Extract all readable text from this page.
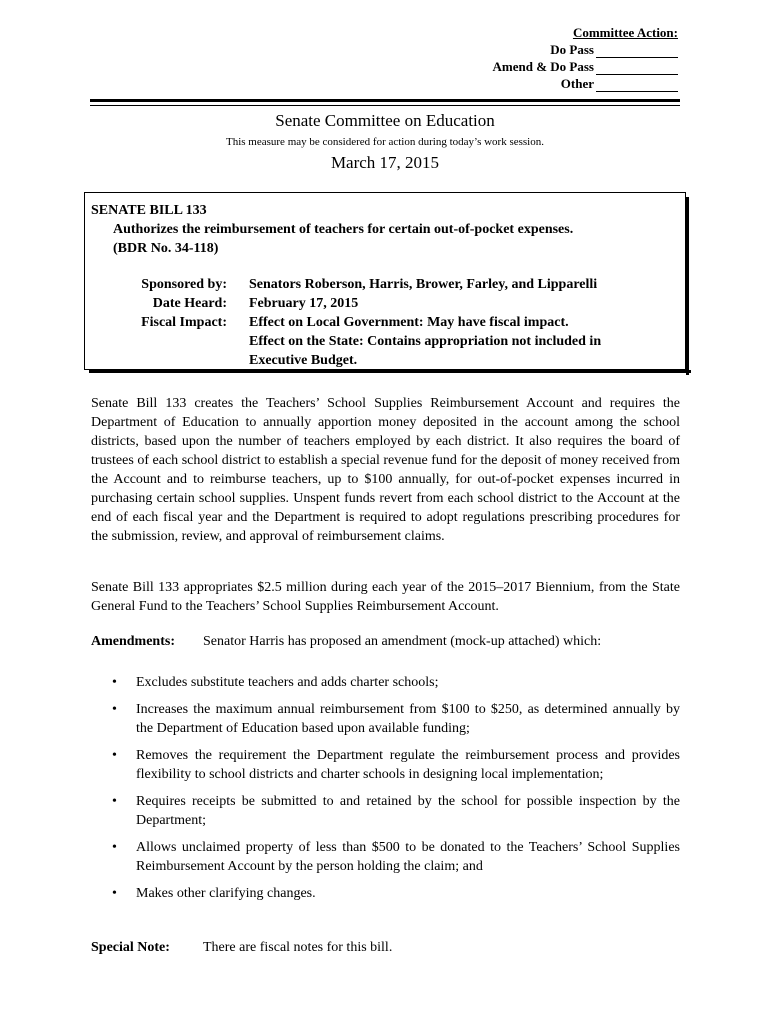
Committee Action:
Do Pass
Amend & Do Pass
Other
Senate Committee on Education
This measure may be considered for action during today’s work session.
March 17, 2015
SENATE BILL 133
Authorizes the reimbursement of teachers for certain out-of-pocket expenses.
(BDR No. 34-118)
Sponsored by: Senators Roberson, Harris, Brower, Farley, and Lipparelli
Date Heard: February 17, 2015
Fiscal Impact: Effect on Local Government: May have fiscal impact.
Effect on the State: Contains appropriation not included in
Executive Budget.
Senate Bill 133 creates the Teachers’ School Supplies Reimbursement Account and requires the Department of Education to annually apportion money deposited in the account among the school districts, based upon the number of teachers employed by each district. It also requires the board of trustees of each school district to establish a special revenue fund for the deposit of money received from the Account and to reimburse teachers, up to $100 annually, for out-of-pocket expenses incurred in purchasing certain school supplies. Unspent funds revert from each school district to the Account at the end of each fiscal year and the Department is required to adopt regulations prescribing procedures for the submission, review, and approval of reimbursement claims.
Senate Bill 133 appropriates $2.5 million during each year of the 2015–2017 Biennium, from the State General Fund to the Teachers’ School Supplies Reimbursement Account.
Amendments: Senator Harris has proposed an amendment (mock-up attached) which:
• Excludes substitute teachers and adds charter schools;
• Increases the maximum annual reimbursement from $100 to $250, as determined annually by the Department of Education based upon available funding;
• Removes the requirement the Department regulate the reimbursement process and provides flexibility to school districts and charter schools in designing local implementation;
• Requires receipts be submitted to and retained by the school for possible inspection by the Department;
• Allows unclaimed property of less than $500 to be donated to the Teachers’ School Supplies Reimbursement Account by the person holding the claim; and
• Makes other clarifying changes.
Special Note: There are fiscal notes for this bill.
